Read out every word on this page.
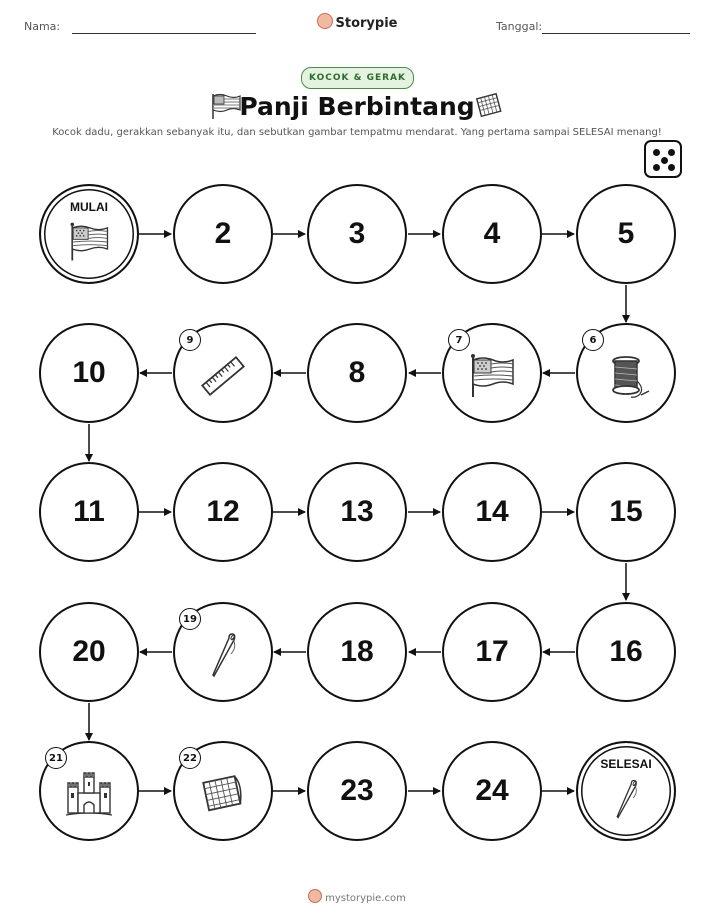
Nama:	Storypie	Tanggal:
KOCOK & GERAK
Panji Berbintang
Kocok dadu, gerakkan sebanyak itu, dan sebutkan gambar tempatmu mendarat. Yang pertama sampai SELESAI menang!
MULAI
2	3	4	5
6
7
8
9
10
11	12	13	14	15
16
17
18
19
20
21	22
23	24
SELESAI
mystorypie.com
